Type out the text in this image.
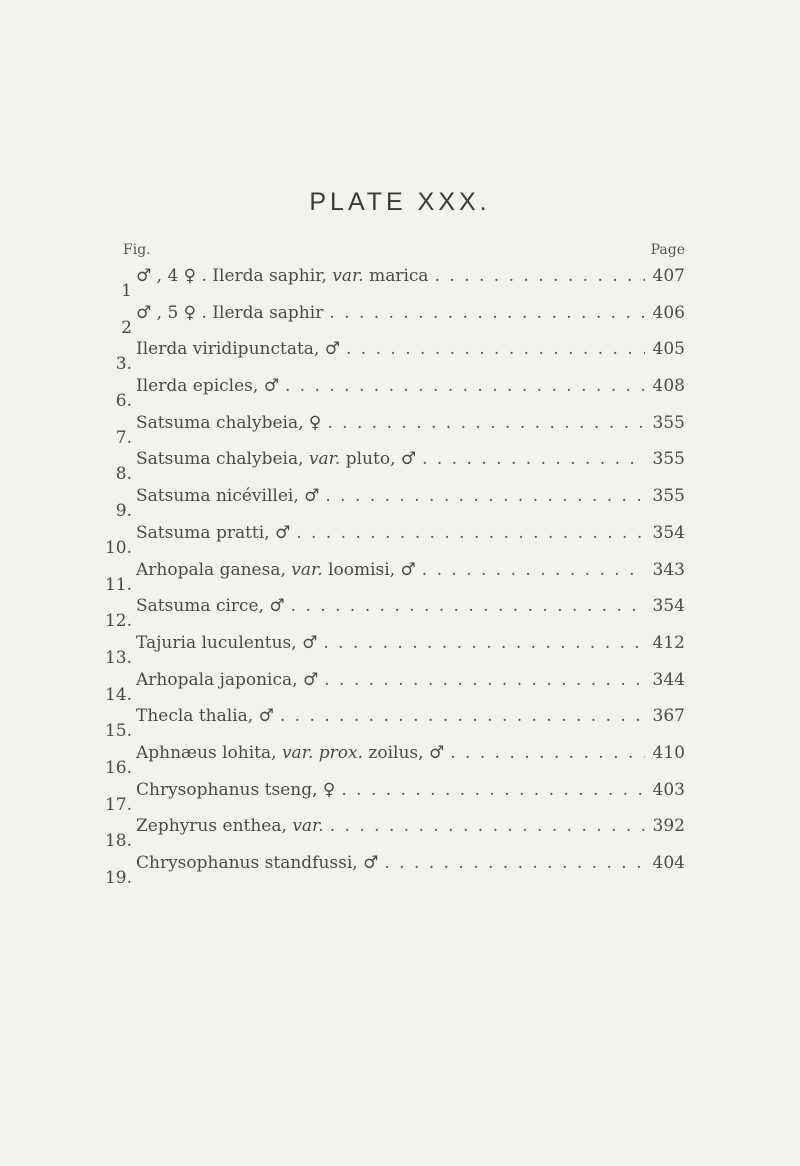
PLATE XXX.
Fig.	Page
1
♂ , 4 ♀ . Ilerda saphir, var. marica . . .	407
2
♂ , 5 ♀ . Ilerda saphir . . .	406
3.
Ilerda viridipunctata, ♂ . . .	405
6.
Ilerda epicles, ♂ . . .	408
7.
Satsuma chalybeia, ♀ . . .	355
8.
Satsuma chalybeia, var. pluto, ♂ . . .	355
9.
Satsuma nicévillei, ♂ . . .	355
10.
Satsuma pratti, ♂ . . .	354
11.
Arhopala ganesa, var. loomisi, ♂ . . .	343
12.
Satsuma circe, ♂ . . .	354
13.
Tajuria luculentus, ♂ . . .	412
14.
Arhopala japonica, ♂ . . .	344
15.
Thecla thalia, ♂ . . .	367
16.
Aphnæus lohita, var. prox. zoilus, ♂ . . .	410
17.
Chrysophanus tseng, ♀ . . .	403
18.
Zephyrus enthea, var. . . .	392
19.
Chrysophanus standfussi, ♂ . . .	404
